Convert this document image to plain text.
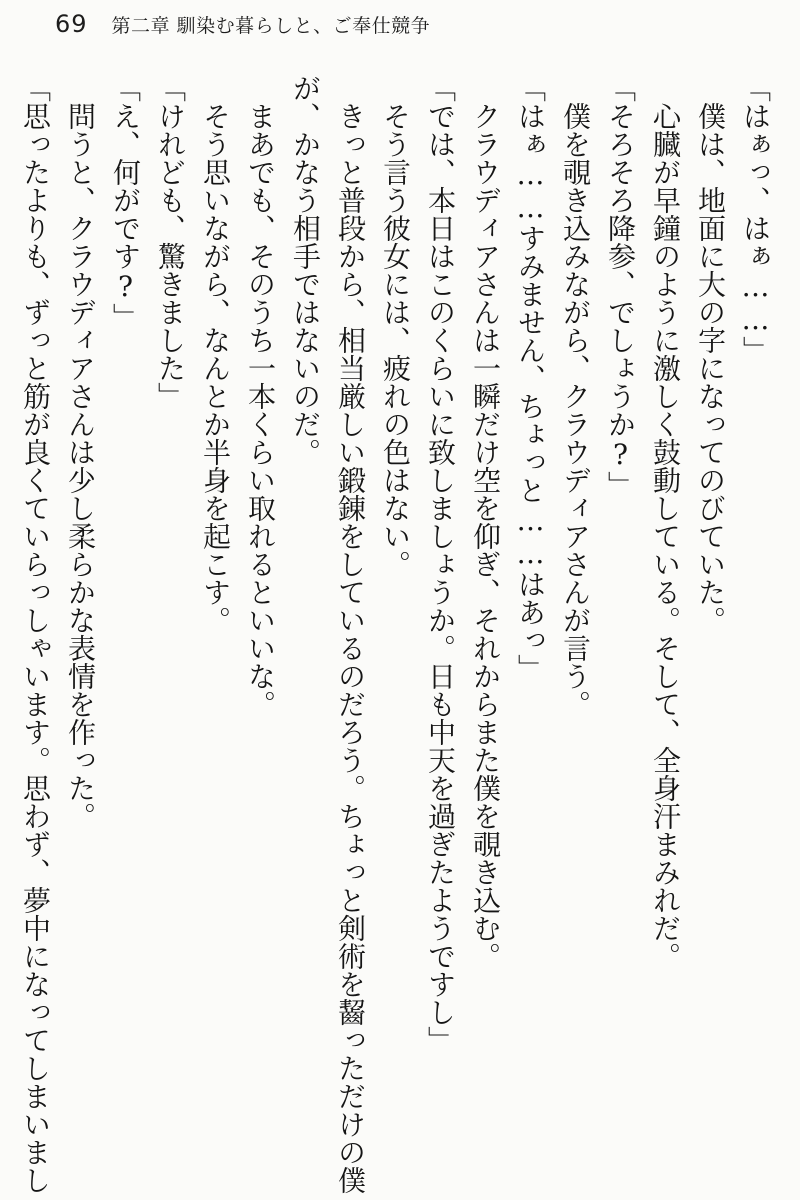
69 第二章 馴染む暮らしと、ご奉仕競争

「はぁっ、はぁ……」

僕は、地面に大の字になってのびていた。

心臓が早鐘のように激しく鼓動している。そして、全身汗まみれだ。

「そろそろ降参、でしょうか?」

僕を覗き込みながら、クラウディアさんが言う。

「はぁ……すみません、ちょっと……はあっ」

クラウディアさんは一瞬だけ空を仰ぎ、それからまた僕を覗き込む。

「では、本日はこのくらいに致しましょうか。日も中天を過ぎたようですし」

そう言う彼女には、疲れの色はない。

きっと普段から、相当厳しい鍛錬をしているのだろう。ちょっと剣術を齧っただけの僕が、かなう相手ではないのだ。

まあでも、そのうち一本くらい取れるといいな。

そう思いながら、なんとか半身を起こす。

「けれども、驚きました」

「え、何がです?」

問うと、クラウディアさんは少し柔らかな表情を作った。

「思ったよりも、ずっと筋が良くていらっしゃいます。思わず、夢中になってしまいまし
